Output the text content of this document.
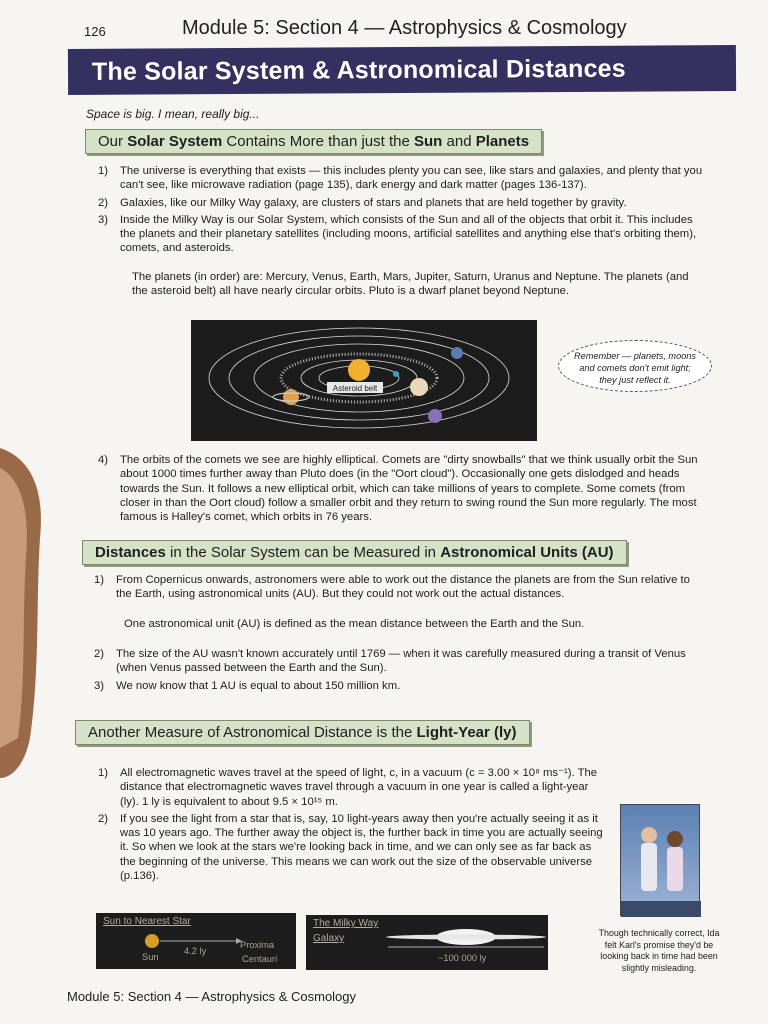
126	Module 5: Section 4 — Astrophysics & Cosmology
The Solar System & Astronomical Distances
Space is big. I mean, really big...
Our Solar System Contains More than just the Sun and Planets
1)	The universe is everything that exists — this includes plenty you can see, like stars and galaxies, and plenty that you can't see, like microwave radiation (page 135), dark energy and dark matter (pages 136-137).
2)	Galaxies, like our Milky Way galaxy, are clusters of stars and planets that are held together by gravity.
3)	Inside the Milky Way is our Solar System, which consists of the Sun and all of the objects that orbit it. This includes the planets and their planetary satellites (including moons, artificial satellites and anything else that's orbiting them), comets, and asteroids.
The planets (in order) are: Mercury, Venus, Earth, Mars, Jupiter, Saturn, Uranus and Neptune. The planets (and the asteroid belt) all have nearly circular orbits. Pluto is a dwarf planet beyond Neptune.
Asteroid belt
Remember — planets, moons and comets don't emit light; they just reflect it.
4)	The orbits of the comets we see are highly elliptical. Comets are "dirty snowballs" that we think usually orbit the Sun about 1000 times further away than Pluto does (in the "Oort cloud"). Occasionally one gets dislodged and heads towards the Sun. It follows a new elliptical orbit, which can take millions of years to complete. Some comets (from closer in than the Oort cloud) follow a smaller orbit and they return to swing round the Sun more regularly. The most famous is Halley's comet, which orbits in 76 years.
Distances in the Solar System can be Measured in Astronomical Units (AU)
1)	From Copernicus onwards, astronomers were able to work out the distance the planets are from the Sun relative to the Earth, using astronomical units (AU). But they could not work out the actual distances.
One astronomical unit (AU) is defined as the mean distance between the Earth and the Sun.
2)	The size of the AU wasn't known accurately until 1769 — when it was carefully measured during a transit of Venus (when Venus passed between the Earth and the Sun).
3)	We now know that 1 AU is equal to about 150 million km.
Another Measure of Astronomical Distance is the Light-Year (ly)
1)	All electromagnetic waves travel at the speed of light, c, in a vacuum (c = 3.00 × 10⁸ ms⁻¹). The distance that electromagnetic waves travel through a vacuum in one year is called a light-year (ly). 1 ly is equivalent to about 9.5 × 10¹⁵ m.
2)	If you see the light from a star that is, say, 10 light-years away then you're actually seeing it as it was 10 years ago. The further away the object is, the further back in time you are actually seeing it. So when we look at the stars we're looking back in time, and we can only see as far back as the beginning of the universe. This means we can work out the size of the observable universe (p.136).
Sun to Nearest Star
Sun
4.2 ly
Proxima
Centauri
The Milky Way
Galaxy
~100 000 ly
Though technically correct, Ida felt Karl's promise they'd be looking back in time had been slightly misleading.
Module 5: Section 4 — Astrophysics & Cosmology
